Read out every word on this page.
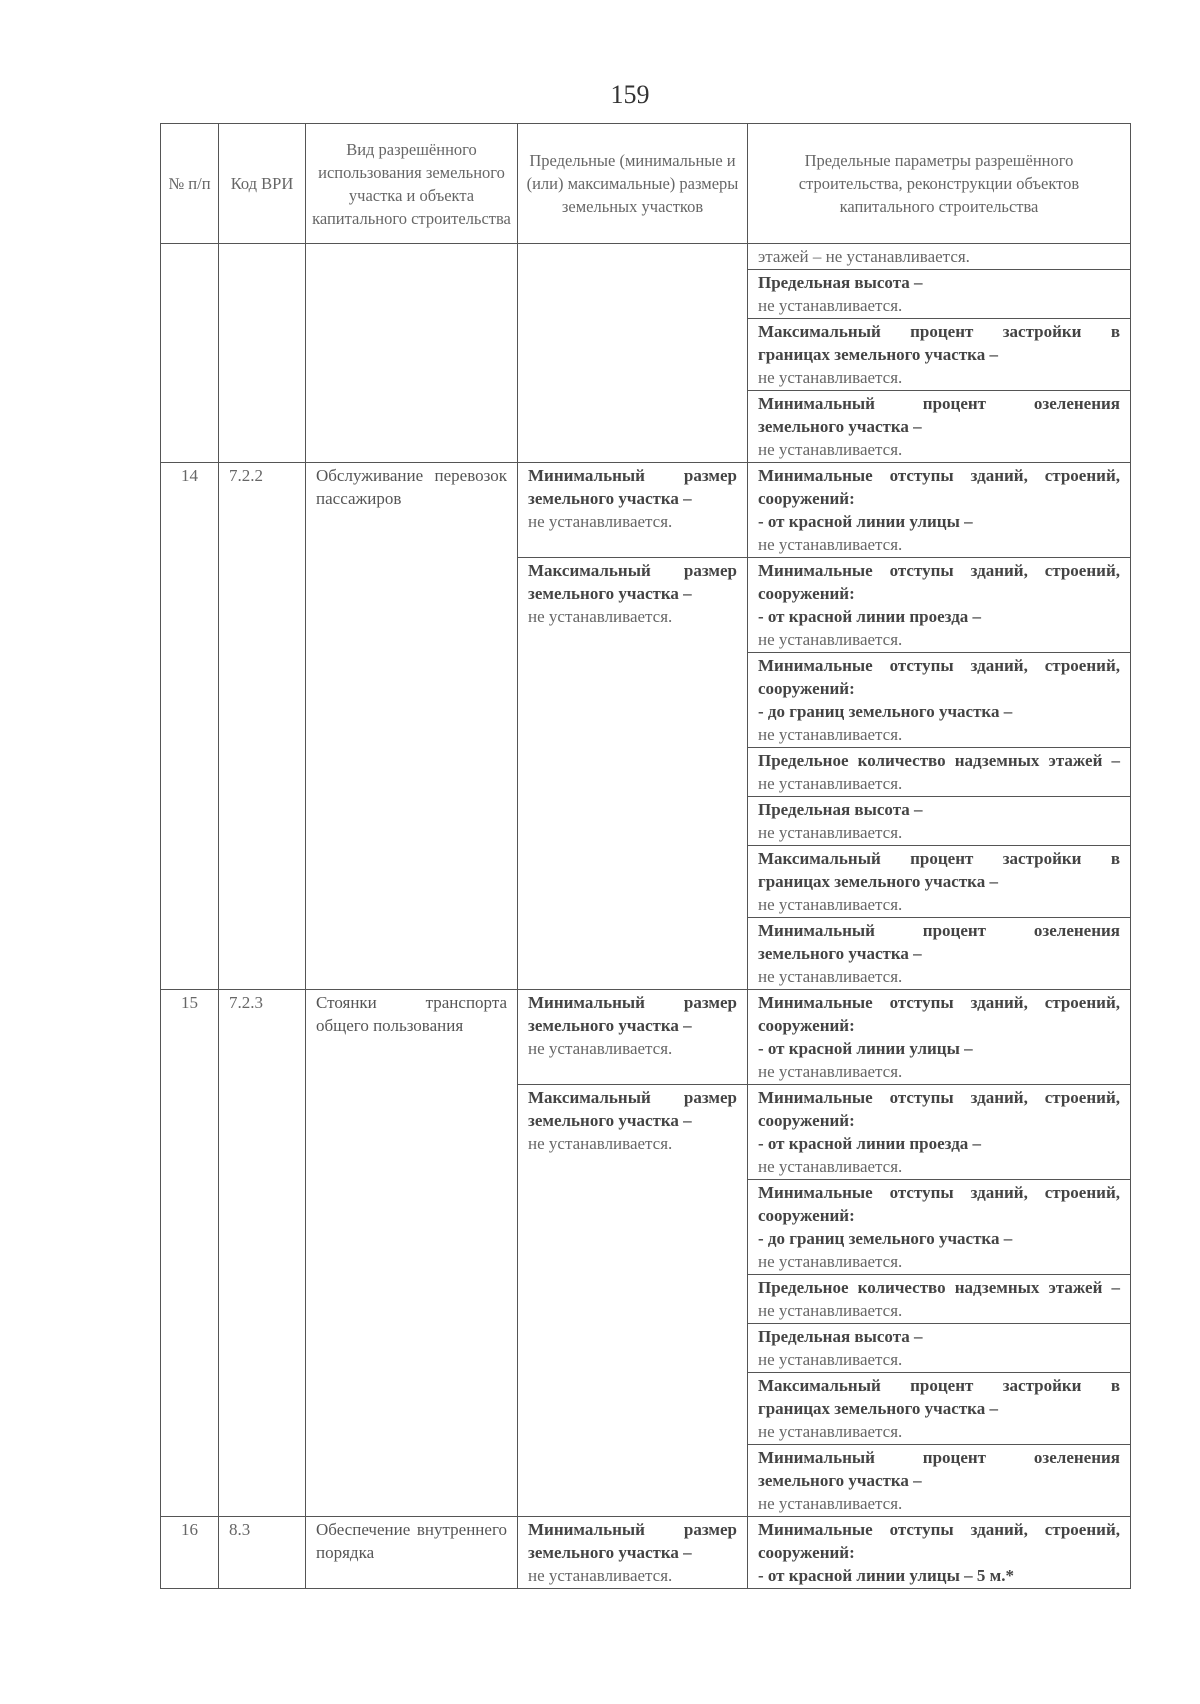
159
№ п/п	Код ВРИ	Вид разрешённого использования земельного участка и объекта капитального строительства	Предельные (минимальные и (или) максимальные) размеры земельных участков	Предельные параметры разрешённого строительства, реконструкции объектов капитального строительства
				этажей – не устанавливается.
				Предельная высота –
не устанавливается.
				Максимальный процент застройки в границах земельного участка –
не устанавливается.
				Минимальный процент озеленения земельного участка –
не устанавливается.
14	7.2.2	Обслуживание перевозок пассажиров	Минимальный размер земельного участка –
не устанавливается.	Минимальные отступы зданий, строений, сооружений:
- от красной линии улицы –
не устанавливается.
			Максимальный размер земельного участка –
не устанавливается.	Минимальные отступы зданий, строений, сооружений:
- от красной линии проезда –
не устанавливается.
				Минимальные отступы зданий, строений, сооружений:
- до границ земельного участка –
не устанавливается.
				Предельное количество надземных этажей – не устанавливается.
				Предельная высота –
не устанавливается.
				Максимальный процент застройки в границах земельного участка –
не устанавливается.
				Минимальный процент озеленения земельного участка –
не устанавливается.
15	7.2.3	Стоянки транспорта общего пользования	Минимальный размер земельного участка –
не устанавливается.	Минимальные отступы зданий, строений, сооружений:
- от красной линии улицы –
не устанавливается.
			Максимальный размер земельного участка –
не устанавливается.	Минимальные отступы зданий, строений, сооружений:
- от красной линии проезда –
не устанавливается.
				Минимальные отступы зданий, строений, сооружений:
- до границ земельного участка –
не устанавливается.
				Предельное количество надземных этажей – не устанавливается.
				Предельная высота –
не устанавливается.
				Максимальный процент застройки в границах земельного участка –
не устанавливается.
				Минимальный процент озеленения земельного участка –
не устанавливается.
16	8.3	Обеспечение внутреннего порядка	Минимальный размер земельного участка –
не устанавливается.	Минимальные отступы зданий, строений, сооружений:
- от красной линии улицы – 5 м.*
